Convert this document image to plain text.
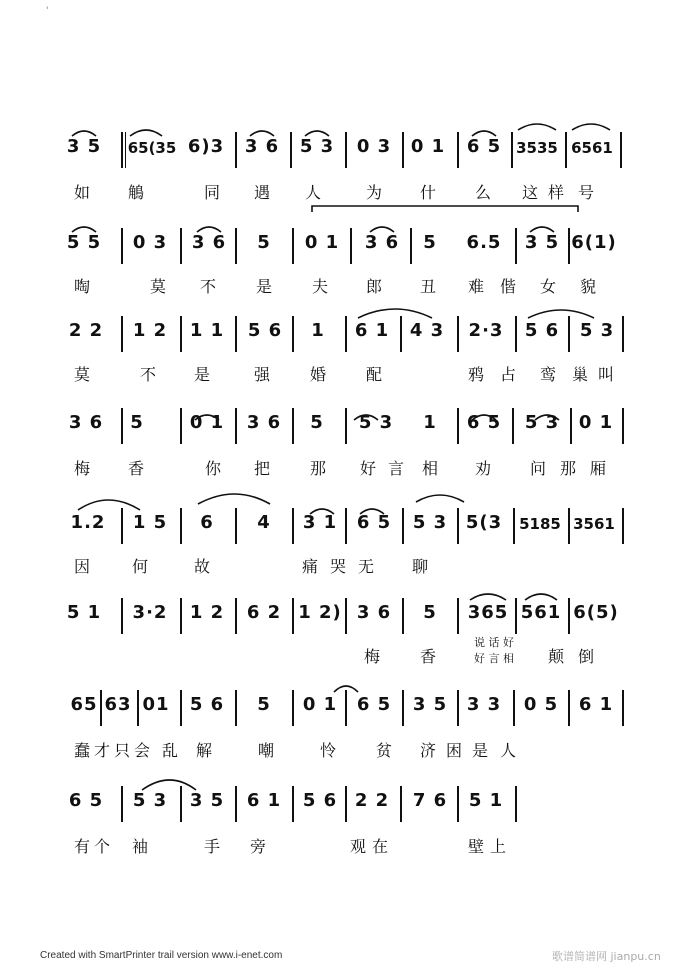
'
3 5 65(35 6)3 3 6 5 3 0 3 0 1 6 5 3535 6561
如 鵤	同 遇 人	为 什 么 这 样 号
5 5 0 3 3 6 5 0 1 3 6 5 6.5 3 5 6(1)
啕	莫 不 是 夫 郎 丑 难 偕 女 貌
2 2 1 2 1 1 5 6 1 6 1 4 3 2·3 5 6 5 3
莫	不 是	强 婚 配	鸦 占 鸾 巢 叫
3 6 5	0 1 3 6 5 5 3 1 6 5 5 3 0 1
梅 香	你 把 那 好 言 相 劝 问 那 厢
1.2 1 5 6 4 3 1 6 5 5 3 5(3 5185 3561
因	何	故	痛 哭 无 聊
5 1 3·2 1 2 6 2 1 2) 3 6 5 365 561 6(5)
梅 香
说 话 好
好 言 相 颠 倒
65 63 01 5 6 5 0 1 6 5 3 5 3 3 0 5 6 1
蠢 才 只 会 乱 解	嘲	怜 贫 济 困 是 人
6 5 5 3 3 5 6 1 5 6 2 2 7 6 5 1
有 个 袖	手 旁	观 在	壁 上
Created with SmartPrinter trail version www.i-enet.com	歌谱简谱网 jianpu.cn
